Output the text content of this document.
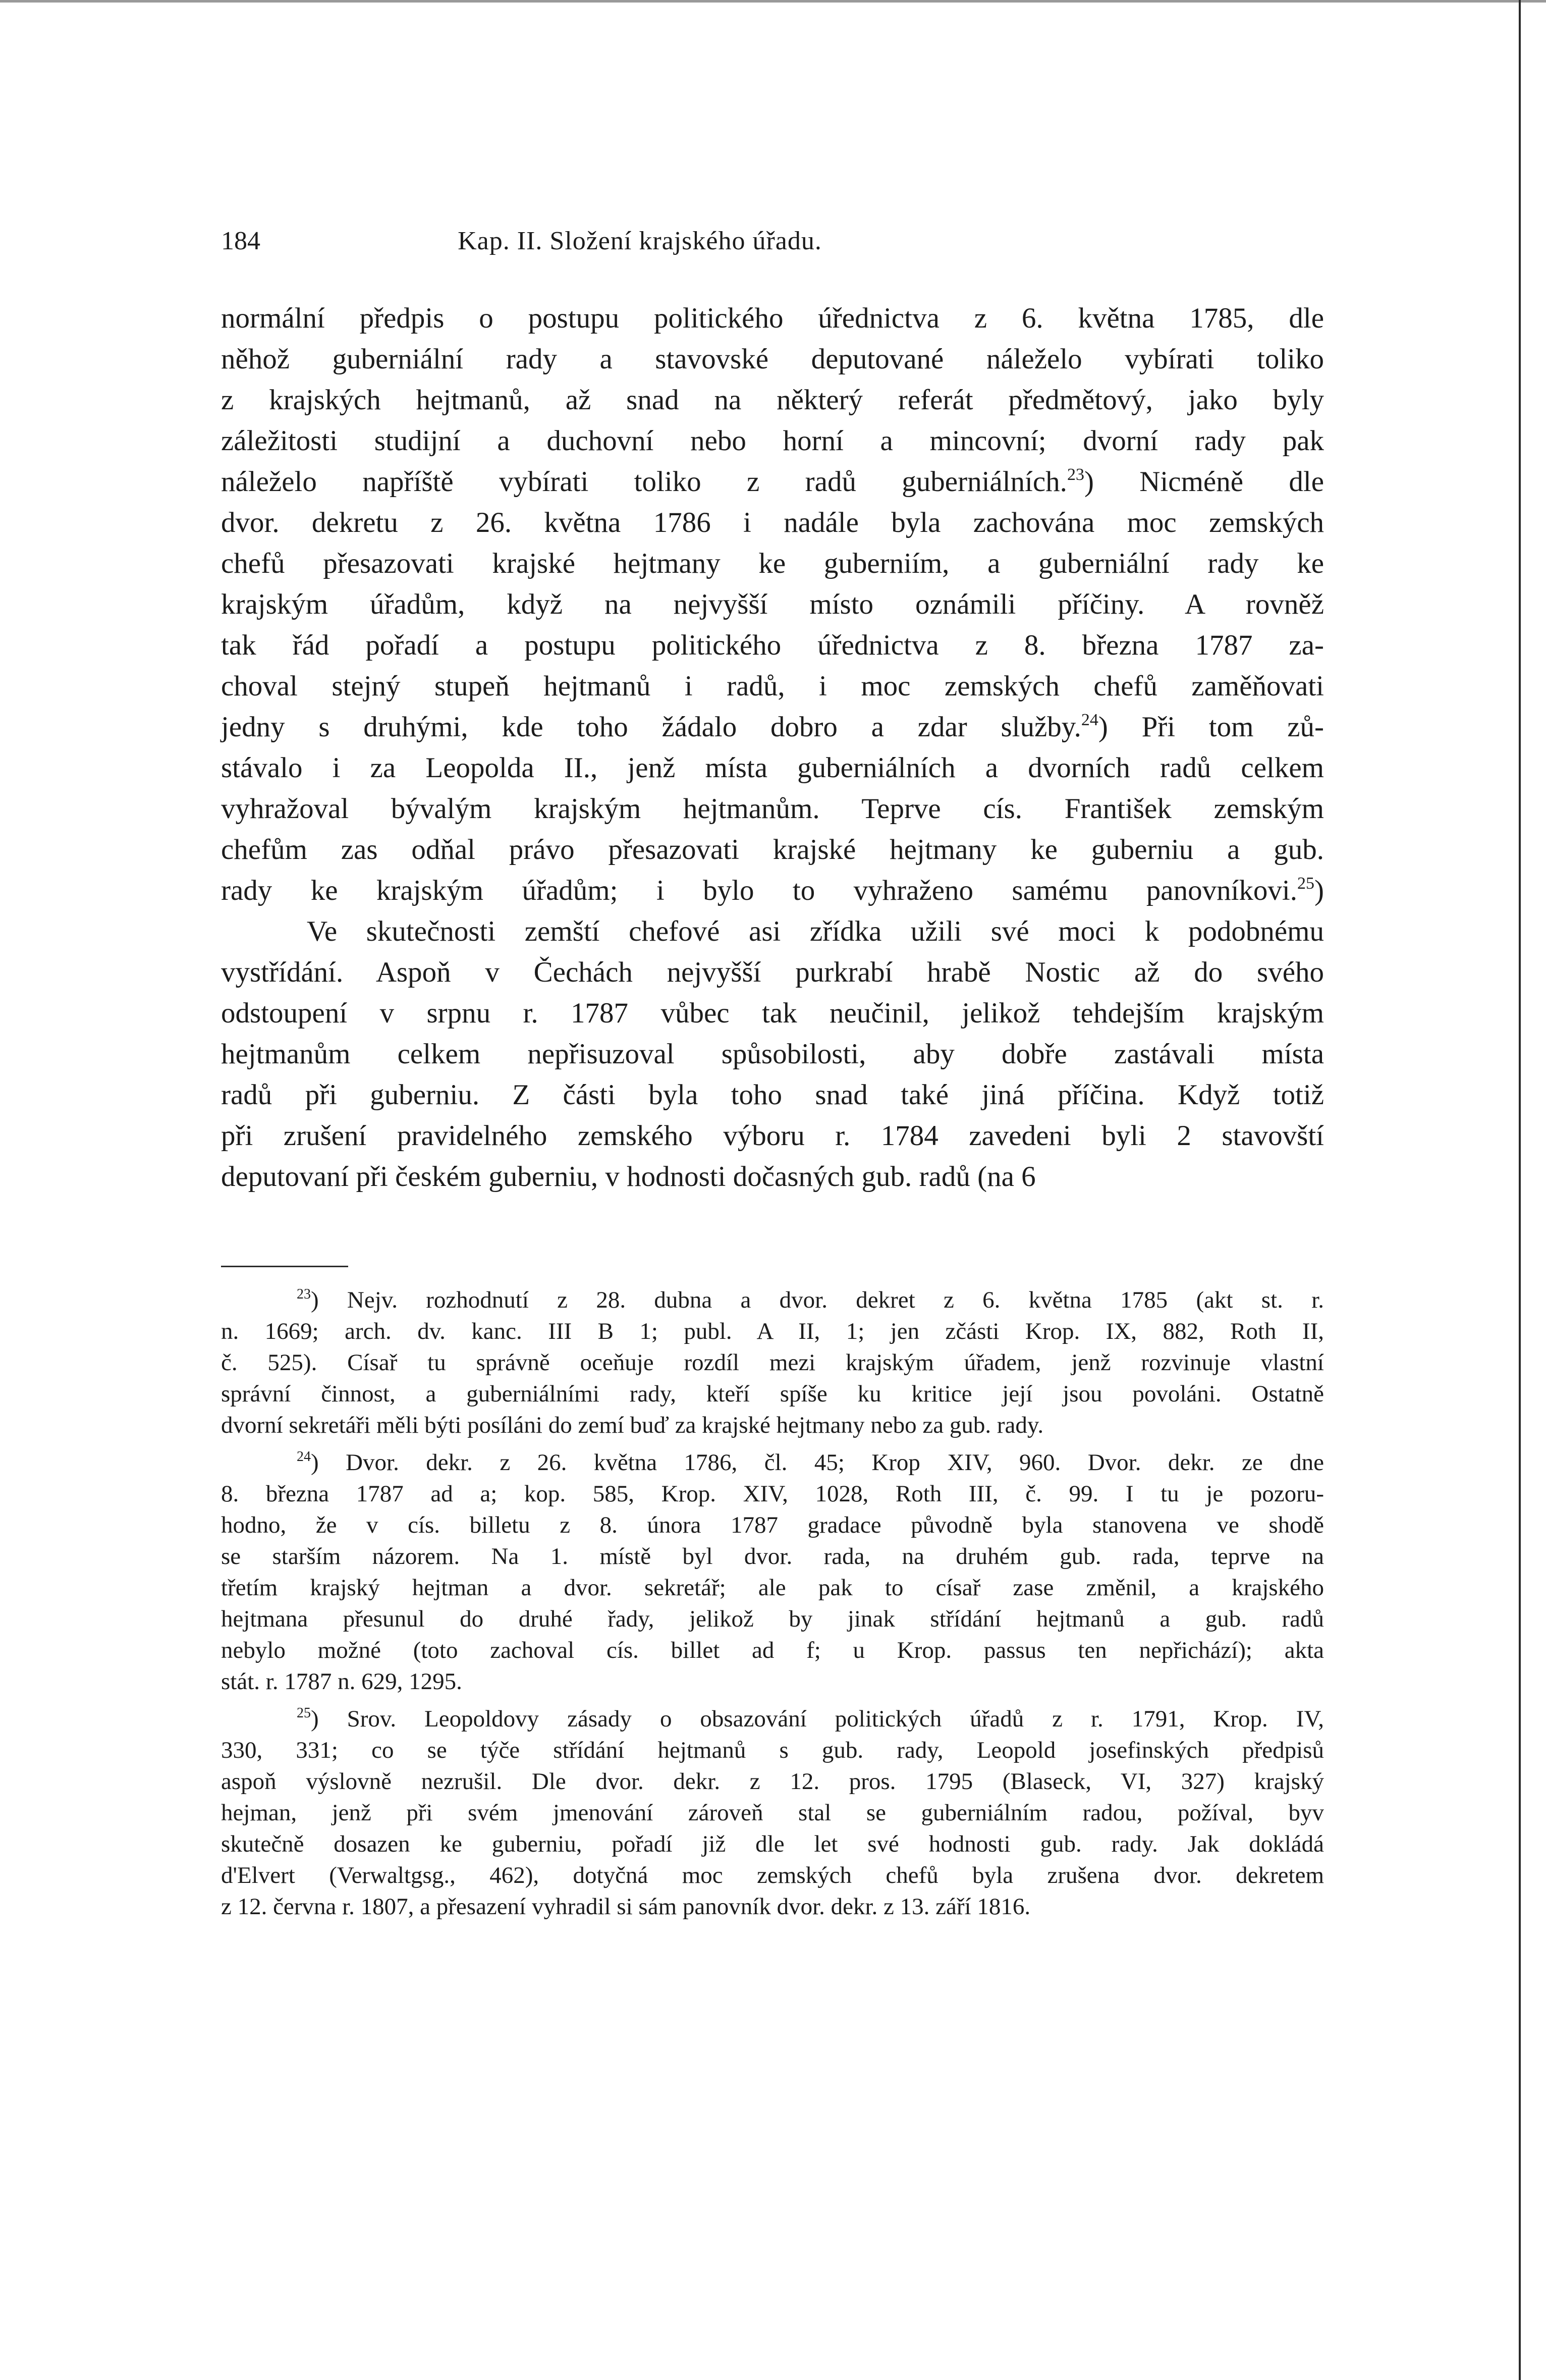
184	Kap. II. Složení krajského úřadu.
normální předpis o postupu politického úřednictva z 6. května 1785, dle
něhož guberniální rady a stavovské deputované náleželo vybírati toliko
z krajských hejtmanů, až snad na některý referát předmětový, jako byly
záležitosti studijní a duchovní nebo horní a mincovní; dvorní rady pak
náleželo napříště vybírati toliko z radů guberniálních.$^{23}$) Nicméně dle
dvor. dekretu z 26. května 1786 i nadále byla zachována moc zemských
chefů přesazovati krajské hejtmany ke guberniím, a guberniální rady ke
krajským úřadům, když na nejvyšší místo oznámili příčiny. A rovněž
tak řád pořadí a postupu politického úřednictva z 8. března 1787 za-
choval stejný stupeň hejtmanů i radů, i moc zemských chefů zaměňovati
jedny s druhými, kde toho žádalo dobro a zdar služby.$^{24}$) Při tom zů-
stávalo i za Leopolda II., jenž místa guberniálních a dvorních radů celkem
vyhražoval bývalým krajským hejtmanům. Teprve cís. František zemským
chefům zas odňal právo přesazovati krajské hejtmany ke guberniu a gub.
rady ke krajským úřadům; i bylo to vyhraženo samému panovníkovi.$^{25}$)
Ve skutečnosti zemští chefové asi zřídka užili své moci k podobnému
vystřídání. Aspoň v Čechách nejvyšší purkrabí hrabě Nostic až do svého
odstoupení v srpnu r. 1787 vůbec tak neučinil, jelikož tehdejším krajským
hejtmanům celkem nepřisuzoval spůsobilosti, aby dobře zastávali místa
radů při guberniu. Z části byla toho snad také jiná příčina. Když totiž
při zrušení pravidelného zemského výboru r. 1784 zavedeni byli 2 stavovští
deputovaní při českém guberniu, v hodnosti dočasných gub. radů (na 6
$^{23}$) Nejv. rozhodnutí z 28. dubna a dvor. dekret z 6. května 1785 (akt st. r.
n. 1669; arch. dv. kanc. III B 1; publ. A II, 1; jen zčásti Krop. IX, 882, Roth II,
č. 525). Císař tu správně oceňuje rozdíl mezi krajským úřadem, jenž rozvinuje vlastní
správní činnost, a guberniálními rady, kteří spíše ku kritice její jsou povoláni. Ostatně
dvorní sekretáři měli býti posíláni do zemí buď za krajské hejtmany nebo za gub. rady.
$^{24}$) Dvor. dekr. z 26. května 1786, čl. 45; Krop XIV, 960. Dvor. dekr. ze dne
8. března 1787 ad a; kop. 585, Krop. XIV, 1028, Roth III, č. 99. I tu je pozoru-
hodno, že v cís. billetu z 8. února 1787 gradace původně byla stanovena ve shodě
se starším názorem. Na 1. místě byl dvor. rada, na druhém gub. rada, teprve na
třetím krajský hejtman a dvor. sekretář; ale pak to císař zase změnil, a krajského
hejtmana přesunul do druhé řady, jelikož by jinak střídání hejtmanů a gub. radů
nebylo možné (toto zachoval cís. billet ad f; u Krop. passus ten nepřichází); akta
stát. r. 1787 n. 629, 1295.
$^{25}$) Srov. Leopoldovy zásady o obsazování politických úřadů z r. 1791, Krop. IV,
330, 331; co se týče střídání hejtmanů s gub. rady, Leopold josefinských předpisů
aspoň výslovně nezrušil. Dle dvor. dekr. z 12. pros. 1795 (Blaseck, VI, 327) krajský
hejman, jenž při svém jmenování zároveň stal se guberniálním radou, požíval, byv
skutečně dosazen ke guberniu, pořadí již dle let své hodnosti gub. rady. Jak dokládá
d'Elvert (Verwaltgsg., 462), dotyčná moc zemských chefů byla zrušena dvor. dekretem
z 12. června r. 1807, a přesazení vyhradil si sám panovník dvor. dekr. z 13. září 1816.
